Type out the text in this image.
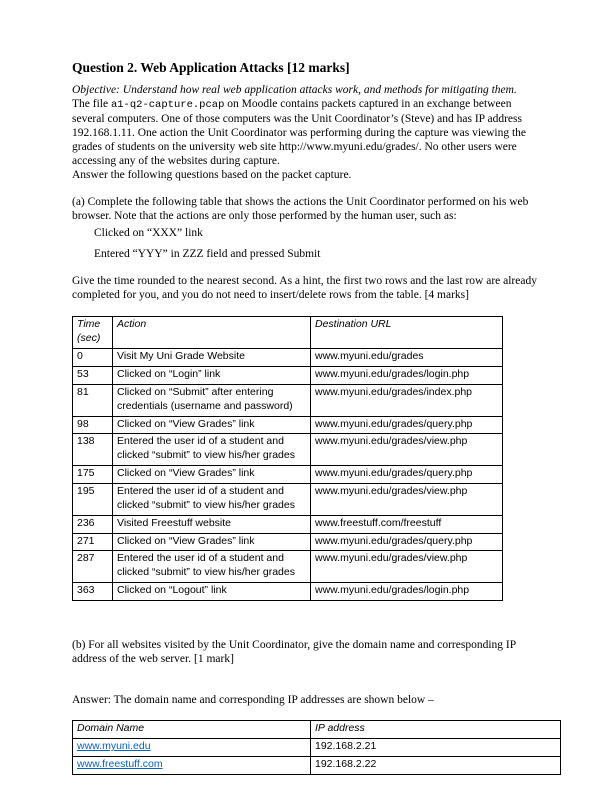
Question 2. Web Application Attacks [12 marks]

Objective: Understand how real web application attacks work, and methods for mitigating them.

The file a1-q2-capture.pcap on Moodle contains packets captured in an exchange between several computers. One of those computers was the Unit Coordinator’s (Steve) and has IP address 192.168.1.11. One action the Unit Coordinator was performing during the capture was viewing the grades of students on the university web site http://www.myuni.edu/grades/. No other users were accessing any of the websites during capture.

Answer the following questions based on the packet capture.

(a) Complete the following table that shows the actions the Unit Coordinator performed on his web browser. Note that the actions are only those performed by the human user, such as:

Clicked on “XXX” link
Entered “YYY” in ZZZ field and pressed Submit

Give the time rounded to the nearest second. As a hint, the first two rows and the last row are already completed for you, and you do not need to insert/delete rows from the table. [4 marks]

Time (sec)	Action	Destination URL
0	Visit My Uni Grade Website	www.myuni.edu/grades
53	Clicked on “Login” link	www.myuni.edu/grades/login.php
81	Clicked on “Submit” after entering credentials (username and password)	www.myuni.edu/grades/index.php
98	Clicked on “View Grades” link	www.myuni.edu/grades/query.php
138	Entered the user id of a student and clicked “submit” to view his/her grades	www.myuni.edu/grades/view.php
175	Clicked on “View Grades” link	www.myuni.edu/grades/query.php
195	Entered the user id of a student and clicked “submit” to view his/her grades	www.myuni.edu/grades/view.php
236	Visited Freestuff website	www.freestuff.com/freestuff
271	Clicked on “View Grades” link	www.myuni.edu/grades/query.php
287	Entered the user id of a student and clicked “submit” to view his/her grades	www.myuni.edu/grades/view.php
363	Clicked on “Logout” link	www.myuni.edu/grades/login.php

(b) For all websites visited by the Unit Coordinator, give the domain name and corresponding IP address of the web server. [1 mark]

Answer: The domain name and corresponding IP addresses are shown below –

Domain Name	IP address
www.myuni.edu	192.168.2.21
www.freestuff.com	192.168.2.22
